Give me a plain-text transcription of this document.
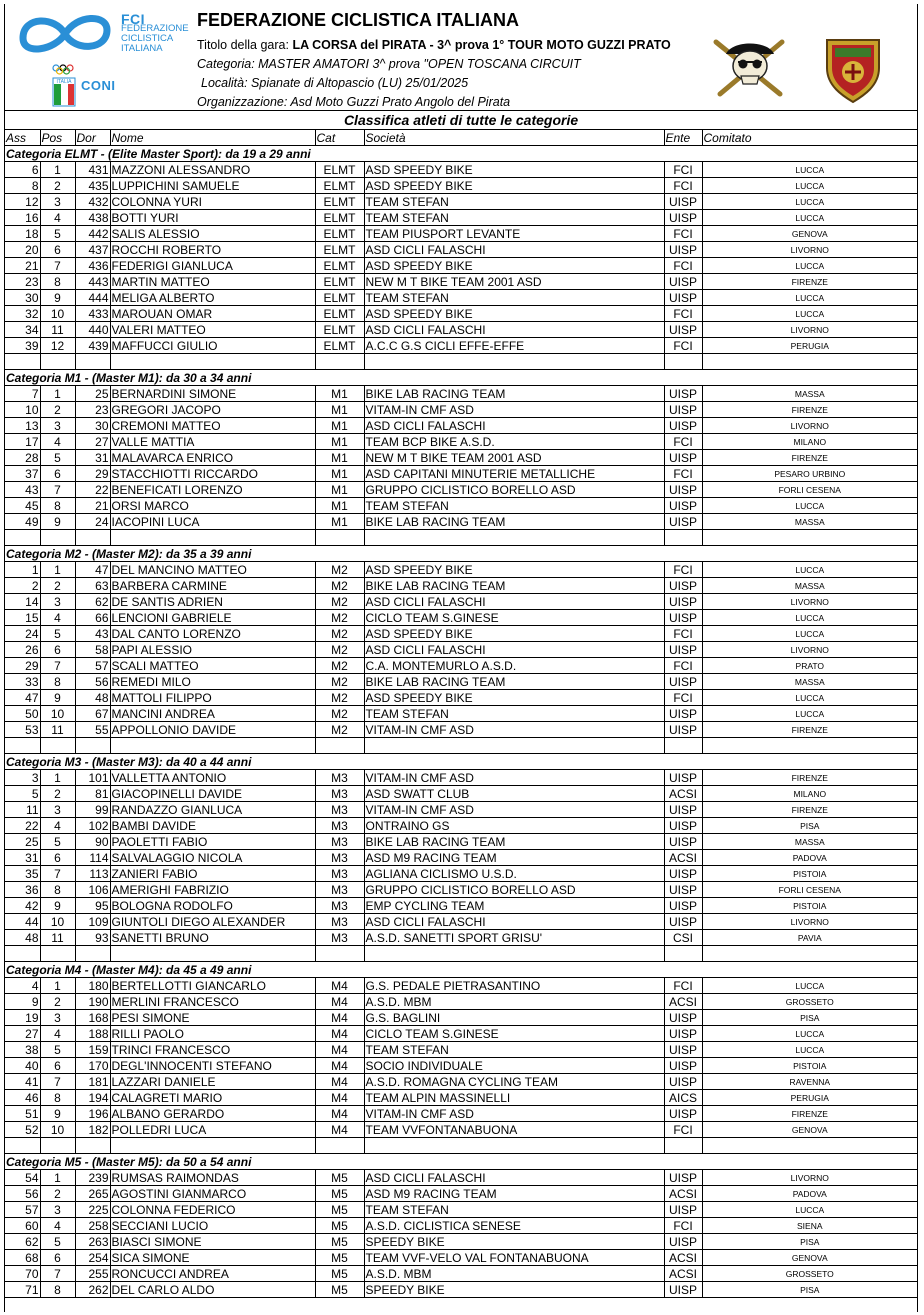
FCI
FEDERAZIONE
CICLISTICA
ITALIANA
ITALIA CONI
FEDERAZIONE CICLISTICA ITALIANA
Titolo della gara: LA CORSA del PIRATA - 3^ prova 1° TOUR MOTO GUZZI PRATO
Categoria: MASTER AMATORI 3^ prova "OPEN TOSCANA CIRCUIT
Località: Spianate di Altopascio (LU) 25/01/2025
Organizzazione: Asd Moto Guzzi Prato Angolo del Pirata
Classifica atleti di tutte le categorie							
Ass	Pos	Dor	Nome	Cat	Società	Ente	Comitato
Categoria ELMT - (Elite Master Sport): da 19 a 29 anni							
6	1	431	MAZZONI ALESSANDRO	ELMT	ASD SPEEDY BIKE	FCI	LUCCA
8	2	435	LUPPICHINI SAMUELE	ELMT	ASD SPEEDY BIKE	FCI	LUCCA
12	3	432	COLONNA YURI	ELMT	TEAM STEFAN	UISP	LUCCA
16	4	438	BOTTI YURI	ELMT	TEAM STEFAN	UISP	LUCCA
18	5	442	SALIS ALESSIO	ELMT	TEAM PIUSPORT LEVANTE	FCI	GENOVA
20	6	437	ROCCHI ROBERTO	ELMT	ASD CICLI FALASCHI	UISP	LIVORNO
21	7	436	FEDERIGI GIANLUCA	ELMT	ASD SPEEDY BIKE	FCI	LUCCA
23	8	443	MARTIN MATTEO	ELMT	NEW M T BIKE TEAM 2001 ASD	UISP	FIRENZE
30	9	444	MELIGA ALBERTO	ELMT	TEAM STEFAN	UISP	LUCCA
32	10	433	MAROUAN OMAR	ELMT	ASD SPEEDY BIKE	FCI	LUCCA
34	11	440	VALERI MATTEO	ELMT	ASD CICLI FALASCHI	UISP	LIVORNO
39	12	439	MAFFUCCI GIULIO	ELMT	A.C.C G.S CICLI EFFE-EFFE	FCI	PERUGIA

Categoria M1 - (Master M1): da 30 a 34 anni							
7	1	25	BERNARDINI SIMONE	M1	BIKE LAB RACING TEAM	UISP	MASSA
10	2	23	GREGORI JACOPO	M1	VITAM-IN CMF ASD	UISP	FIRENZE
13	3	30	CREMONI MATTEO	M1	ASD CICLI FALASCHI	UISP	LIVORNO
17	4	27	VALLE MATTIA	M1	TEAM BCP BIKE A.S.D.	FCI	MILANO
28	5	31	MALAVARCA ENRICO	M1	NEW M T BIKE TEAM 2001 ASD	UISP	FIRENZE
37	6	29	STACCHIOTTI RICCARDO	M1	ASD CAPITANI MINUTERIE METALLICHE	FCI	PESARO URBINO
43	7	22	BENEFICATI LORENZO	M1	GRUPPO CICLISTICO BORELLO ASD	UISP	FORLI CESENA
45	8	21	ORSI MARCO	M1	TEAM STEFAN	UISP	LUCCA
49	9	24	IACOPINI LUCA	M1	BIKE LAB RACING TEAM	UISP	MASSA

Categoria M2 - (Master M2): da 35 a 39 anni							
1	1	47	DEL MANCINO MATTEO	M2	ASD SPEEDY BIKE	FCI	LUCCA
2	2	63	BARBERA CARMINE	M2	BIKE LAB RACING TEAM	UISP	MASSA
14	3	62	DE SANTIS ADRIEN	M2	ASD CICLI FALASCHI	UISP	LIVORNO
15	4	66	LENCIONI GABRIELE	M2	CICLO TEAM S.GINESE	UISP	LUCCA
24	5	43	DAL CANTO LORENZO	M2	ASD SPEEDY BIKE	FCI	LUCCA
26	6	58	PAPI ALESSIO	M2	ASD CICLI FALASCHI	UISP	LIVORNO
29	7	57	SCALI MATTEO	M2	C.A. MONTEMURLO A.S.D.	FCI	PRATO
33	8	56	REMEDI MILO	M2	BIKE LAB RACING TEAM	UISP	MASSA
47	9	48	MATTOLI FILIPPO	M2	ASD SPEEDY BIKE	FCI	LUCCA
50	10	67	MANCINI ANDREA	M2	TEAM STEFAN	UISP	LUCCA
53	11	55	APPOLLONIO DAVIDE	M2	VITAM-IN CMF ASD	UISP	FIRENZE

Categoria M3 - (Master M3): da 40 a 44 anni							
3	1	101	VALLETTA ANTONIO	M3	VITAM-IN CMF ASD	UISP	FIRENZE
5	2	81	GIACOPINELLI DAVIDE	M3	ASD SWATT CLUB	ACSI	MILANO
11	3	99	RANDAZZO GIANLUCA	M3	VITAM-IN CMF ASD	UISP	FIRENZE
22	4	102	BAMBI DAVIDE	M3	ONTRAINO GS	UISP	PISA
25	5	90	PAOLETTI FABIO	M3	BIKE LAB RACING TEAM	UISP	MASSA
31	6	114	SALVALAGGIO NICOLA	M3	ASD M9 RACING TEAM	ACSI	PADOVA
35	7	113	ZANIERI FABIO	M3	AGLIANA CICLISMO U.S.D.	UISP	PISTOIA
36	8	106	AMERIGHI FABRIZIO	M3	GRUPPO CICLISTICO BORELLO ASD	UISP	FORLI CESENA
42	9	95	BOLOGNA RODOLFO	M3	EMP CYCLING TEAM	UISP	PISTOIA
44	10	109	GIUNTOLI DIEGO ALEXANDER	M3	ASD CICLI FALASCHI	UISP	LIVORNO
48	11	93	SANETTI BRUNO	M3	A.S.D. SANETTI SPORT GRISU'	CSI	PAVIA

Categoria M4 - (Master M4): da 45 a 49 anni							
4	1	180	BERTELLOTTI GIANCARLO	M4	G.S. PEDALE PIETRASANTINO	FCI	LUCCA
9	2	190	MERLINI FRANCESCO	M4	A.S.D. MBM	ACSI	GROSSETO
19	3	168	PESI SIMONE	M4	G.S. BAGLINI	UISP	PISA
27	4	188	RILLI PAOLO	M4	CICLO TEAM S.GINESE	UISP	LUCCA
38	5	159	TRINCI FRANCESCO	M4	TEAM STEFAN	UISP	LUCCA
40	6	170	DEGL'INNOCENTI STEFANO	M4	SOCIO INDIVIDUALE	UISP	PISTOIA
41	7	181	LAZZARI DANIELE	M4	A.S.D. ROMAGNA CYCLING TEAM	UISP	RAVENNA
46	8	194	CALAGRETI MARIO	M4	TEAM ALPIN MASSINELLI	AICS	PERUGIA
51	9	196	ALBANO GERARDO	M4	VITAM-IN CMF ASD	UISP	FIRENZE
52	10	182	POLLEDRI LUCA	M4	TEAM VVFONTANABUONA	FCI	GENOVA

Categoria M5 - (Master M5): da 50 a 54 anni							
54	1	239	RUMSAS RAIMONDAS	M5	ASD CICLI FALASCHI	UISP	LIVORNO
56	2	265	AGOSTINI GIANMARCO	M5	ASD M9 RACING TEAM	ACSI	PADOVA
57	3	225	COLONNA FEDERICO	M5	TEAM STEFAN	UISP	LUCCA
60	4	258	SECCIANI LUCIO	M5	A.S.D. CICLISTICA SENESE	FCI	SIENA
62	5	263	BIASCI SIMONE	M5	SPEEDY BIKE	UISP	PISA
68	6	254	SICA SIMONE	M5	TEAM VVF-VELO VAL FONTANABUONA	ACSI	GENOVA
70	7	255	RONCUCCI ANDREA	M5	A.S.D. MBM	ACSI	GROSSETO
71	8	262	DEL CARLO ALDO	M5	SPEEDY BIKE	UISP	PISA
